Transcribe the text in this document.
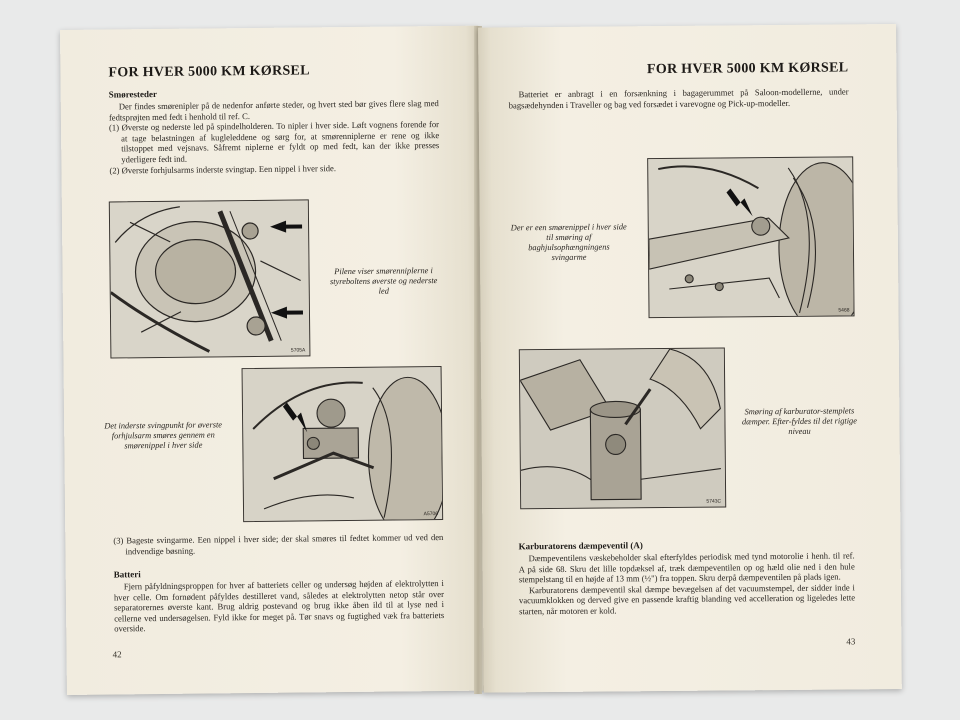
FOR HVER 5000 KM KØRSEL
Smøresteder

Der findes smørenipler på de nedenfor anførte steder, og hvert sted bør gives flere slag med fedtsprøjten med fedt i henhold til ref. C.

(1) Øverste og nederste led på spindelholderen. To nipler i hver side. Løft vognens forende for at tage belastningen af kugleleddene og sørg for, at smørenniplerne er rene og ikke tilstoppet med vejsnavs. Såfremt niplerne er fyldt op med fedt, kan der ikke presses yderligere fedt ind.

(2) Øverste forhjulsarms inderste svingtap. Een nippel i hver side.

5705A
Pilene viser smørenniplerne i styreboltens øverste og nederste led
A5706
Det inderste svingpunkt for øverste forhjulsarm smøres gennem en smørenippel i hver side

(3) Bageste svingarme. Een nippel i hver side; der skal smøres til fedtet kommer ud ved den indvendige bøsning.

Batteri

Fjern påfyldningsproppen for hver af batteriets celler og undersøg højden af elektrolytten i hver celle. Om fornødent påfyldes destilleret vand, således at elektrolytten netop står over separatorernes øverste kant. Brug aldrig postevand og brug ikke åben ild til at lyse ned i cellerne ved undersøgelsen. Fyld ikke for meget på. Tør snavs og fugtighed væk fra batteriets overside.

42
FOR HVER 5000 KM KØRSEL

Batteriet er anbragt i en forsænkning i bagagerummet på Saloon-modellerne, under bagsædehynden i Traveller og bag ved forsædet i varevogne og Pick-up-modeller.

5468
Der er een smørenippel i hver side til smøring af baghjulsophængningens svingarme
5743C
Smøring af karburator-stemplets dæmper. Efter-fyldes til det rigtige niveau
Karburatorens dæmpeventil (A)

Dæmpeventilens væskebeholder skal efterfyldes periodisk med tynd motorolie i henh. til ref. A på side 68. Skru det lille topdæksel af, træk dæmpeventilen op og hæld olie ned i den hule stempelstang til en højde af 13 mm (½") fra toppen. Skru derpå dæmpeventilen på plads igen.

Karburatorens dæmpeventil skal dæmpe bevægelsen af det vacuumstempel, der sidder inde i vacuumklokken og derved give en passende kraftig blanding ved accelleration og ligeledes lette starten, når motoren er kold.

43
